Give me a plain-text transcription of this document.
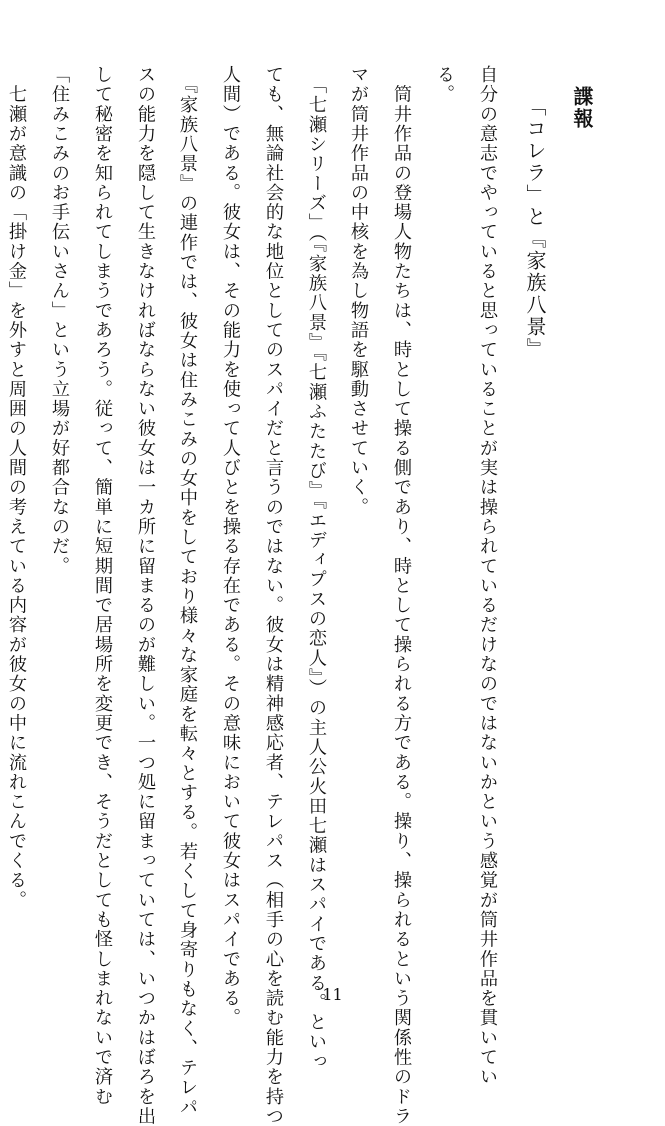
諜報
「コレラ」と『家族八景』
自分の意志でやっていると思っていることが実は操られているだけなのではないかという感覚が筒井作品を貫いてい
る。
　筒井作品の登場人物たちは、時として操る側であり、時として操られる方である。操り、操られるという関係性のドラ
マが筒井作品の中核を為し物語を駆動させていく。
　「七瀬シリーズ」（『家族八景』『七瀬ふたたび』『エディプスの恋人』）の主人公火田七瀬はスパイである。といっ
ても、無論社会的な地位としてのスパイだと言うのではない。彼女は精神感応者、テレパス（相手の心を読む能力を持つ
人間）である。彼女は、その能力を使って人びとを操る存在である。その意味において彼女はスパイである。
　『家族八景』の連作では、彼女は住みこみの女中をしており様々な家庭を転々とする。若くして身寄りもなく、テレパ
スの能力を隠して生きなければならない彼女は一カ所に留まるのが難しい。一つ処に留まっていては、いつかはぼろを出
して秘密を知られてしまうであろう。従って、簡単に短期間で居場所を変更でき、そうだとしても怪しまれないで済む
「住みこみのお手伝いさん」という立場が好都合なのだ。
　七瀬が意識の「掛け金」を外すと周囲の人間の考えている内容が彼女の中に流れこんでくる。
11
